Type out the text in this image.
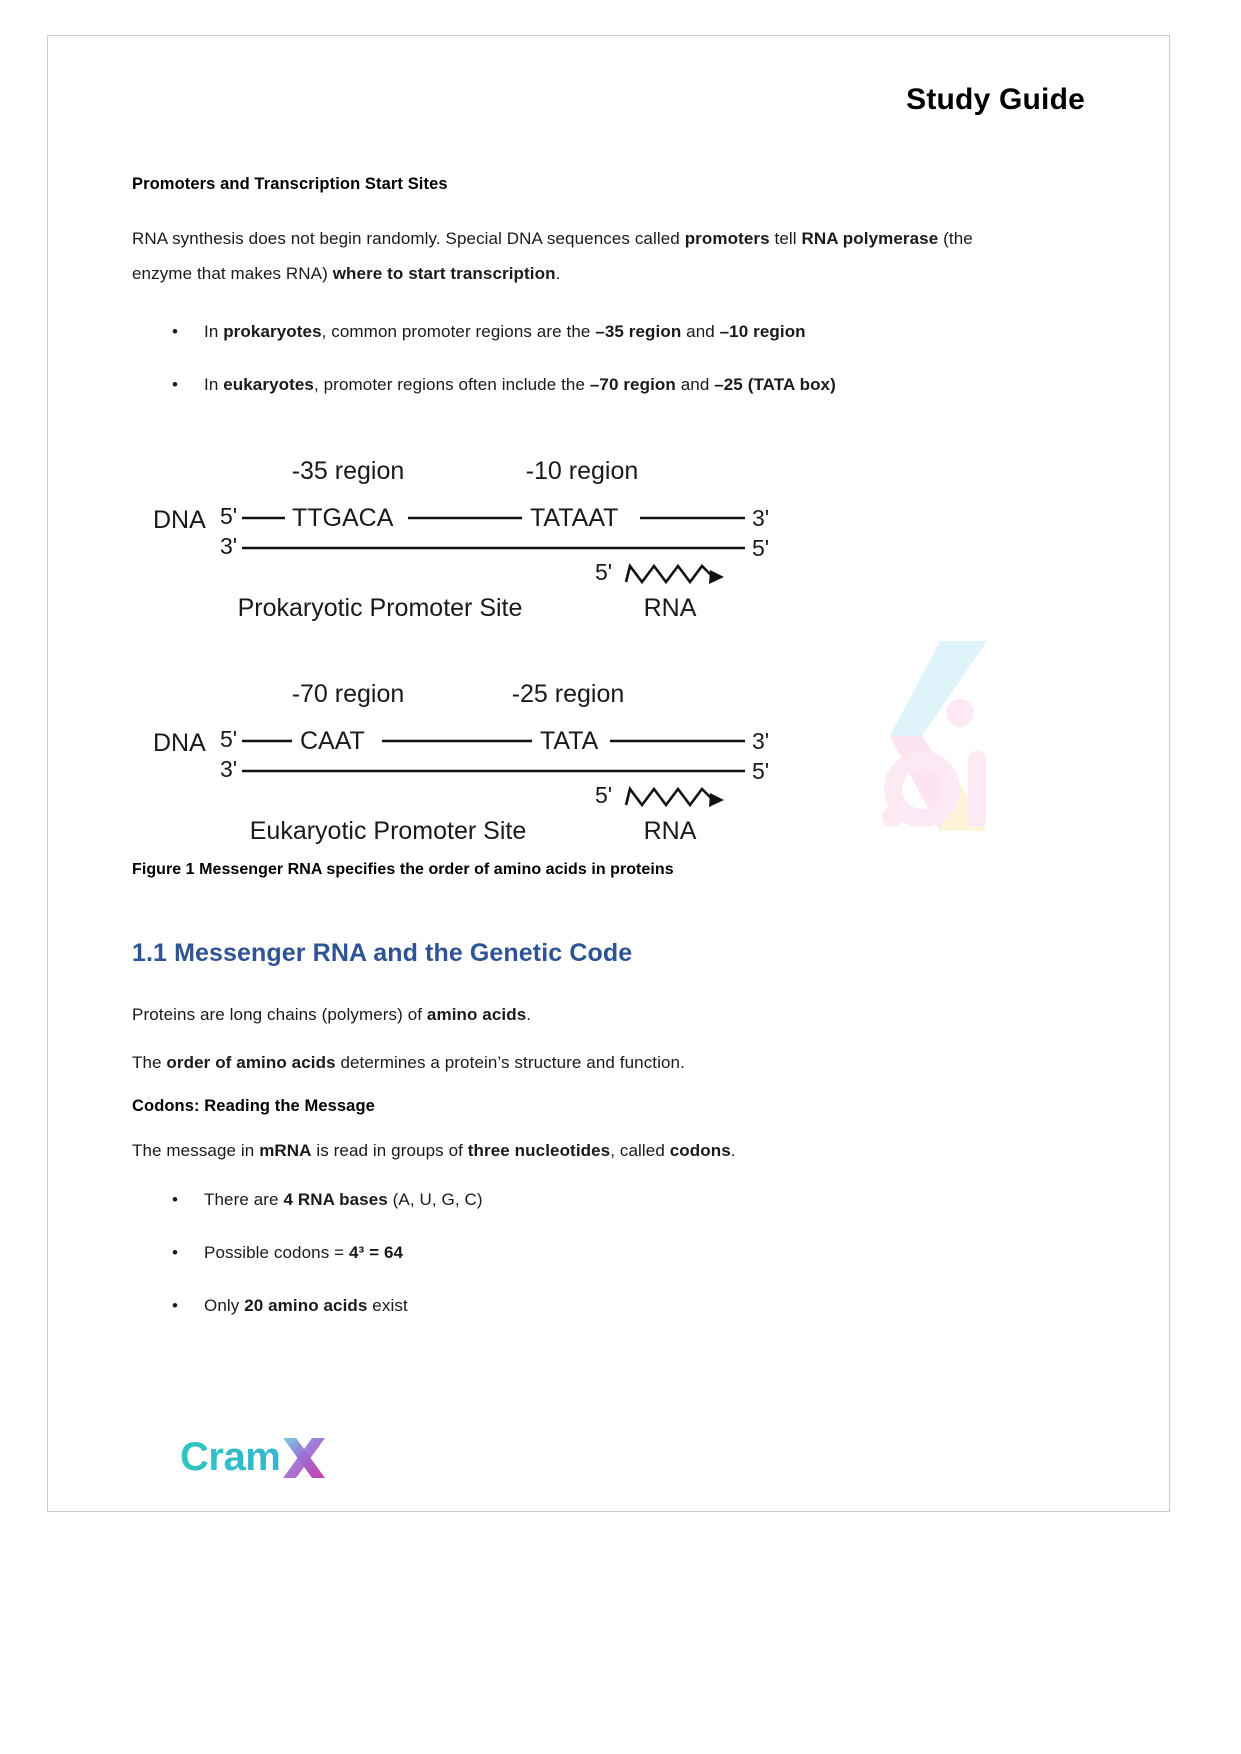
Study Guide
Promoters and Transcription Start Sites

RNA synthesis does not begin randomly. Special DNA sequences called promoters tell RNA polymerase (the enzyme that makes RNA) where to start transcription.

• In prokaryotes, common promoter regions are the –35 region and –10 region
• In eukaryotes, promoter regions often include the –70 region and –25 (TATA box)
-35 region	-10 region
DNA 5'
3'
TTGACA	TATAAT	3'
5'
5'
Prokaryotic Promoter Site	RNA
-70 region	-25 region
DNA 5'
3'
CAAT	TATA	3'
5'
5'
Eukaryotic Promoter Site	RNA
Figure 1 Messenger RNA specifies the order of amino acids in proteins
1.1 Messenger RNA and the Genetic Code

Proteins are long chains (polymers) of amino acids.

The order of amino acids determines a protein’s structure and function.

Codons: Reading the Message

The message in mRNA is read in groups of three nucleotides, called codons.

• There are 4 RNA bases (A, U, G, C)
• Possible codons = 4³ = 64
• Only 20 amino acids exist
Cram
